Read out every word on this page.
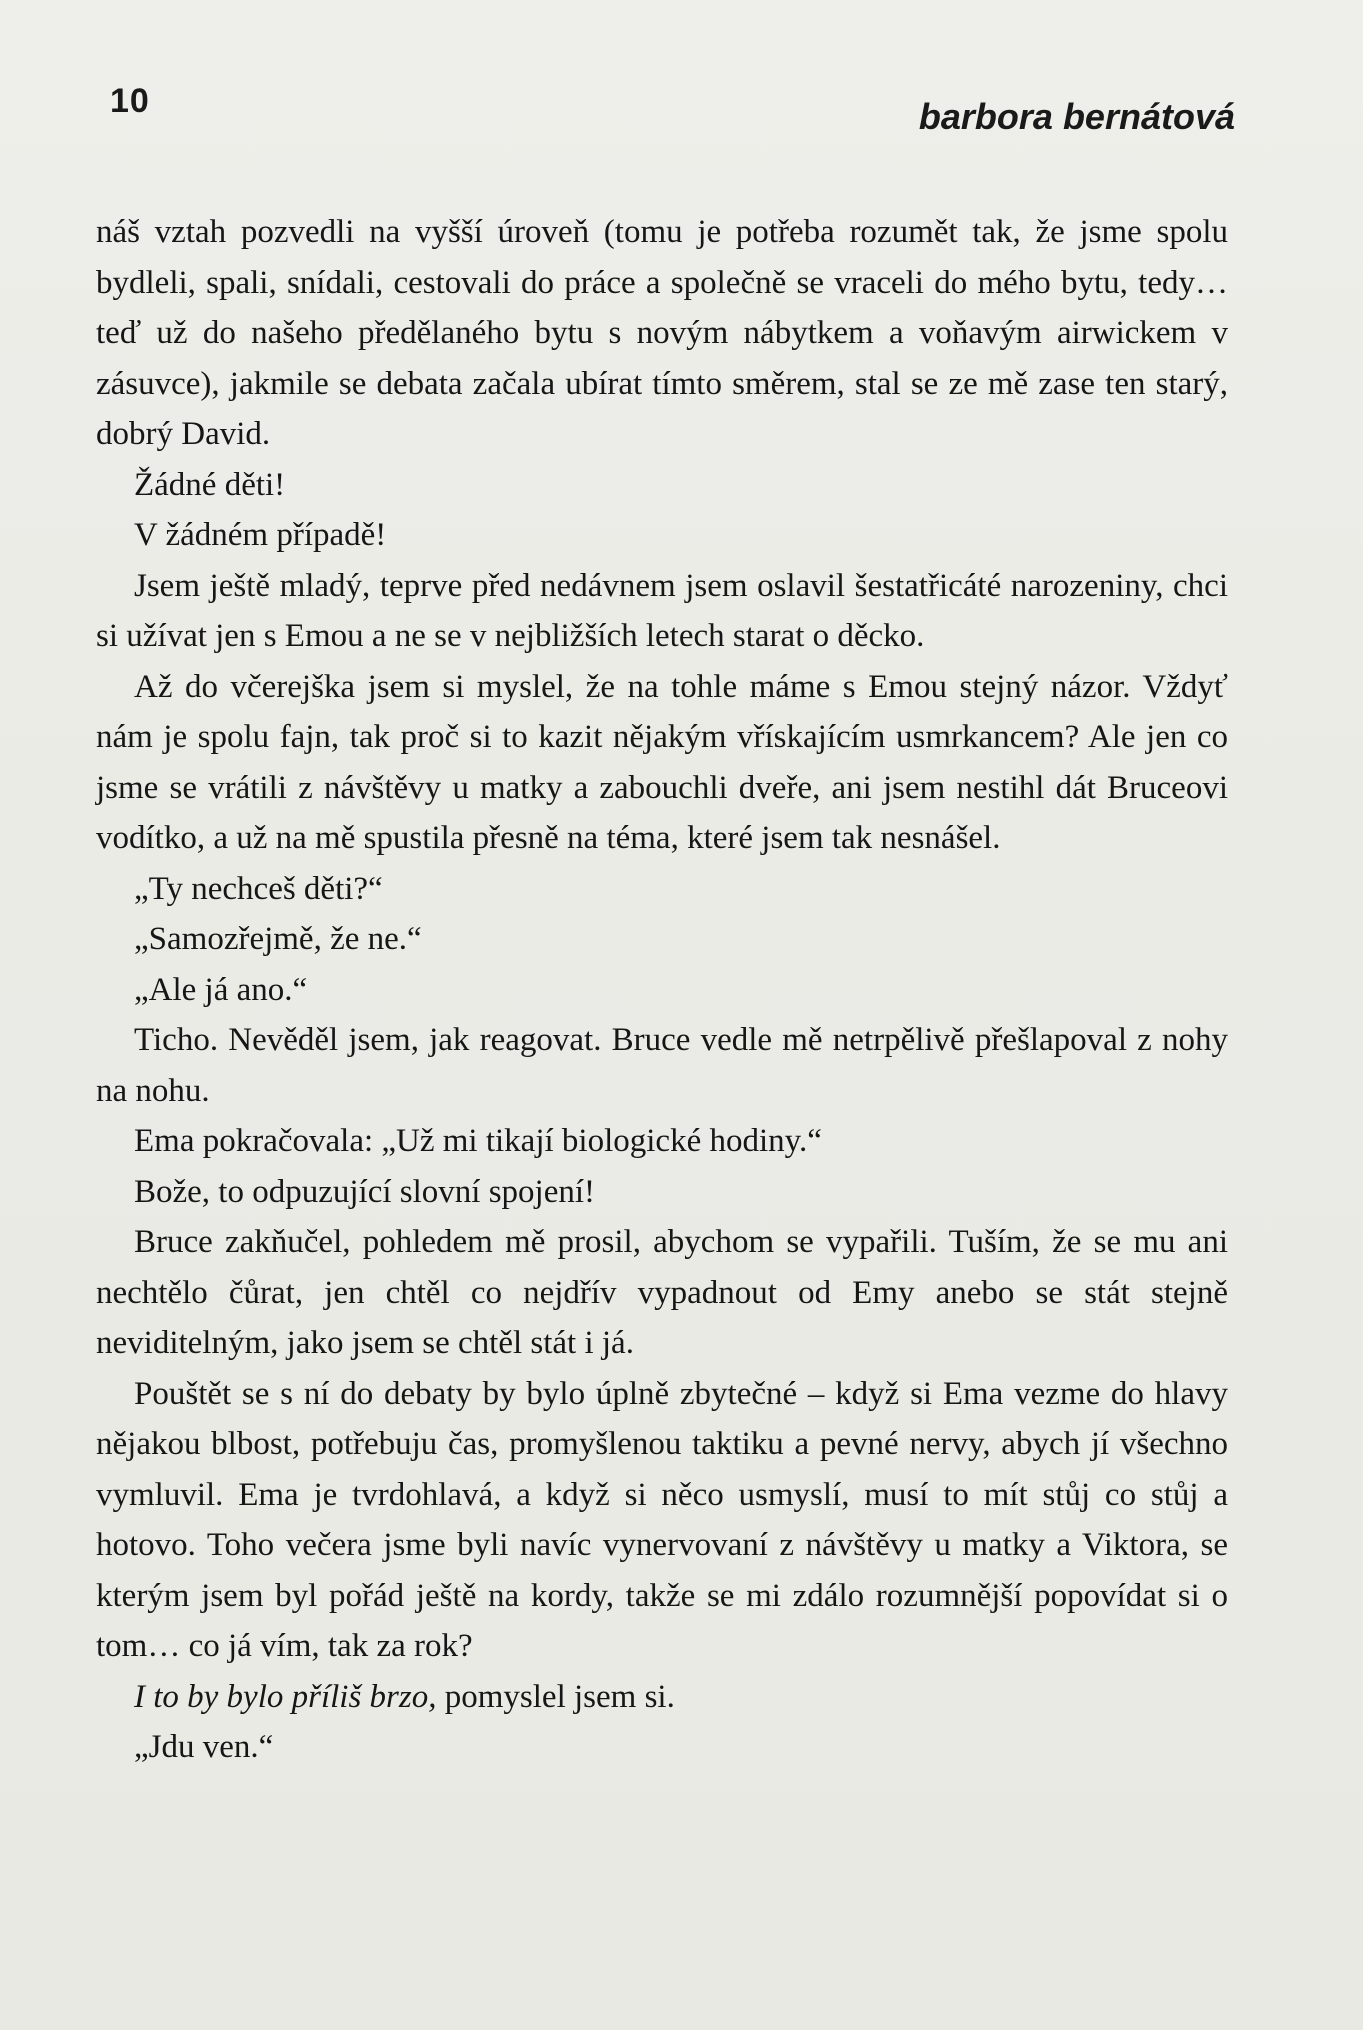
10	barbora bernátová

náš vztah pozvedli na vyšší úroveň (tomu je potřeba rozumět tak, že jsme spolu bydleli, spali, snídali, cestovali do práce a společně se vraceli do mého bytu, tedy… teď už do našeho předělaného bytu s novým nábytkem a voňavým airwickem v zásuvce), jakmile se debata začala ubírat tímto směrem, stal se ze mě zase ten starý, dobrý David.

Žádné děti!

V žádném případě!

Jsem ještě mladý, teprve před nedávnem jsem oslavil šestatřicáté narozeniny, chci si užívat jen s Emou a ne se v nejbližších letech starat o děcko.

Až do včerejška jsem si myslel, že na tohle máme s Emou stejný názor. Vždyť nám je spolu fajn, tak proč si to kazit nějakým vřískajícím usmrkancem? Ale jen co jsme se vrátili z návštěvy u matky a zabouchli dveře, ani jsem nestihl dát Bruceovi vodítko, a už na mě spustila přesně na téma, které jsem tak nesnášel.

„Ty nechceš děti?“

„Samozřejmě, že ne.“

„Ale já ano.“

Ticho. Nevěděl jsem, jak reagovat. Bruce vedle mě netrpělivě přešlapoval z nohy na nohu.

Ema pokračovala: „Už mi tikají biologické hodiny.“

Bože, to odpuzující slovní spojení!

Bruce zakňučel, pohledem mě prosil, abychom se vypařili. Tuším, že se mu ani nechtělo čůrat, jen chtěl co nejdřív vypadnout od Emy anebo se stát stejně neviditelným, jako jsem se chtěl stát i já.

Pouštět se s ní do debaty by bylo úplně zbytečné – když si Ema vezme do hlavy nějakou blbost, potřebuju čas, promyšlenou taktiku a pevné nervy, abych jí všechno vymluvil. Ema je tvrdohlavá, a když si něco usmyslí, musí to mít stůj co stůj a hotovo. Toho večera jsme byli navíc vynervovaní z návštěvy u matky a Viktora, se kterým jsem byl pořád ještě na kordy, takže se mi zdálo rozumnější popovídat si o tom… co já vím, tak za rok?

I to by bylo příliš brzo, pomyslel jsem si.

„Jdu ven.“
